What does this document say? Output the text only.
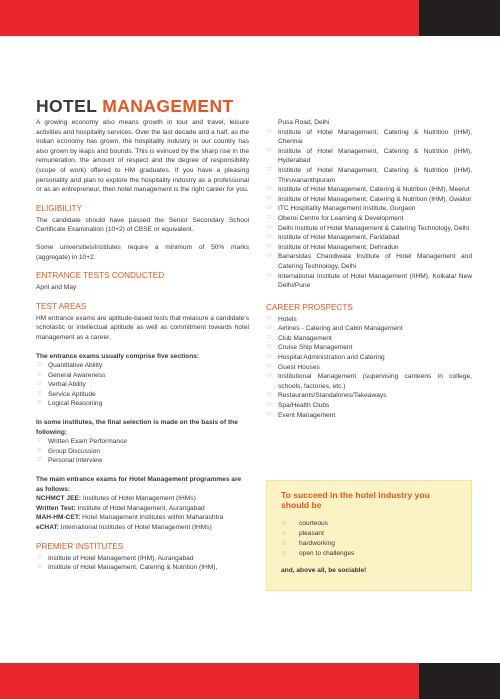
HOTEL MANAGEMENT

A growing economy also means growth in tour and travel, leisure activities and hospitality services. Over the last decade and a half, as the Indian economy has grown, the hospitality industry in our country has also grown by leaps and bounds. This is evinced by the sharp rise in the remuneration, the amount of respect and the degree of responsibility (scope of work) offered to HM graduates. If you have a pleasing personality and plan to explore the hospitality industry as a professional or as an entrepreneur, then hotel management is the right career for you.

ELIGIBILITY

The candidate should have passed the Senior Secondary School Certificate Examination (10+2) of CBSE or equivalent.

Some universities/institutes require a minimum of 50% marks (aggregate) in 10+2.

ENTRANCE TESTS CONDUCTED

April and May

TEST AREAS

HM entrance exams are aptitude-based tests that measure a candidate's scholastic or intellectual aptitude as well as commitment towards hotel management as a career.

The entrance exams usually comprise five sections:

☞ Quantitative Ability
☞ General Awareness
☞ Verbal Ability
☞ Service Aptitude
☞ Logical Reasoning

In some institutes, the final selection is made on the basis of the following:

☞ Written Exam Performance
☞ Group Discussion
☞ Personal Interview

The main entrance exams for Hotel Management programmes are as follows:

NCHMCT JEE: Institutes of Hotel Management (IHMs)

Written Test: Institute of Hotel Management, Aurangabad

MAH-HM-CET: Hotel Management institutes within Maharashtra

eCHAT: International Institutes of Hotel Management (IHMs)

PREMIER INSTITUTES
☞ Institute of Hotel Management (IHM), Aurangabad
☞ Institute of Hotel Management, Catering & Nutrition (IHM),

Pusa Road, Delhi

☞ Institute of Hotel Management, Catering & Nutrition (IHM), Chennai
☞ Institute of Hotel Management, Catering & Nutrition (IHM), Hyderabad
☞ Institute of Hotel Management, Catering & Nutrition (IHM), Thiruvananthpuram
☞ Institute of Hotel Management, Catering & Nutrition (IHM), Meerut
☞ Institute of Hotel Management, Catering & Nutrition (IHM), Gwalior
☞ ITC Hospitality Management Institute, Gurgaon
☞ Oberoi Centre for Learning & Development
☞ Delhi Institute of Hotel Management & Catering Technology, Delhi
☞ Institute of Hotel Management, Faridabad
☞ Institute of Hotel Management, Dehradun
☞ Banarsidas Chandiwala Institute of Hotel Management and Catering Technology, Delhi
☞ International Institute of Hotel Management (IIHM), Kolkata/ New Delhi/Pune
CAREER PROSPECTS
☞ Hotels
☞ Airlines - Catering and Cabin Management
☞ Club Management
☞ Cruise Ship Management
☞ Hospital Administration and Catering
☞ Guest Houses
☞ Institutional Management (supervising canteens in college, schools, factories, etc.)
☞ Restaurants/Standalones/Takeaways
☞ Spa/Health Clubs
☞ Event Management
To succeed in the hotel industry you should be
☞ courteous
☞ pleasant
☞ hardworking
☞ open to challenges

and, above all, be sociable!
